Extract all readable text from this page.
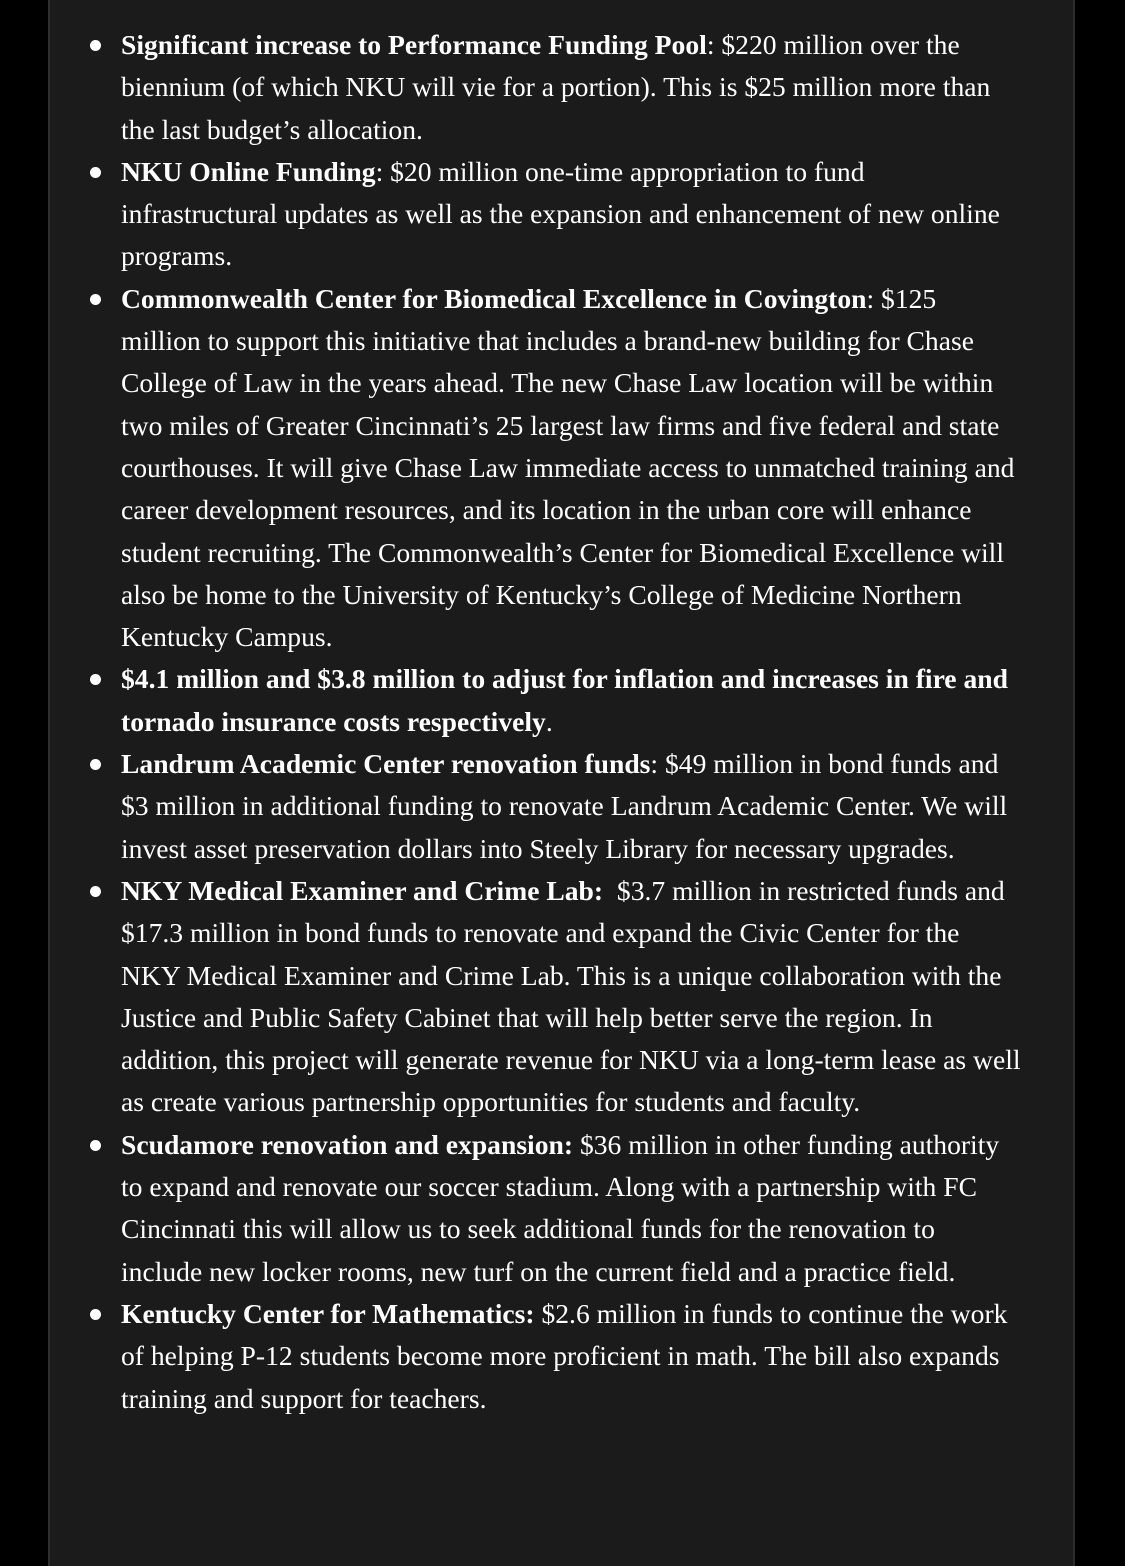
Significant increase to Performance Funding Pool: $220 million over the biennium (of which NKU will vie for a portion). This is $25 million more than the last budget’s allocation.
NKU Online Funding: $20 million one-time appropriation to fund infrastructural updates as well as the expansion and enhancement of new online programs.
Commonwealth Center for Biomedical Excellence in Covington: $125 million to support this initiative that includes a brand-new building for Chase College of Law in the years ahead. The new Chase Law location will be within two miles of Greater Cincinnati’s 25 largest law firms and five federal and state courthouses. It will give Chase Law immediate access to unmatched training and career development resources, and its location in the urban core will enhance student recruiting. The Commonwealth’s Center for Biomedical Excellence will also be home to the University of Kentucky’s College of Medicine Northern Kentucky Campus.
$4.1 million and $3.8 million to adjust for inflation and increases in fire and tornado insurance costs respectively.
Landrum Academic Center renovation funds: $49 million in bond funds and $3 million in additional funding to renovate Landrum Academic Center. We will invest asset preservation dollars into Steely Library for necessary upgrades.
NKY Medical Examiner and Crime Lab:  $3.7 million in restricted funds and $17.3 million in bond funds to renovate and expand the Civic Center for the NKY Medical Examiner and Crime Lab. This is a unique collaboration with the Justice and Public Safety Cabinet that will help better serve the region. In addition, this project will generate revenue for NKU via a long-term lease as well as create various partnership opportunities for students and faculty.
Scudamore renovation and expansion: $36 million in other funding authority to expand and renovate our soccer stadium. Along with a partnership with FC Cincinnati this will allow us to seek additional funds for the renovation to include new locker rooms, new turf on the current field and a practice field.
Kentucky Center for Mathematics: $2.6 million in funds to continue the work of helping P-12 students become more proficient in math. The bill also expands training and support for teachers.
